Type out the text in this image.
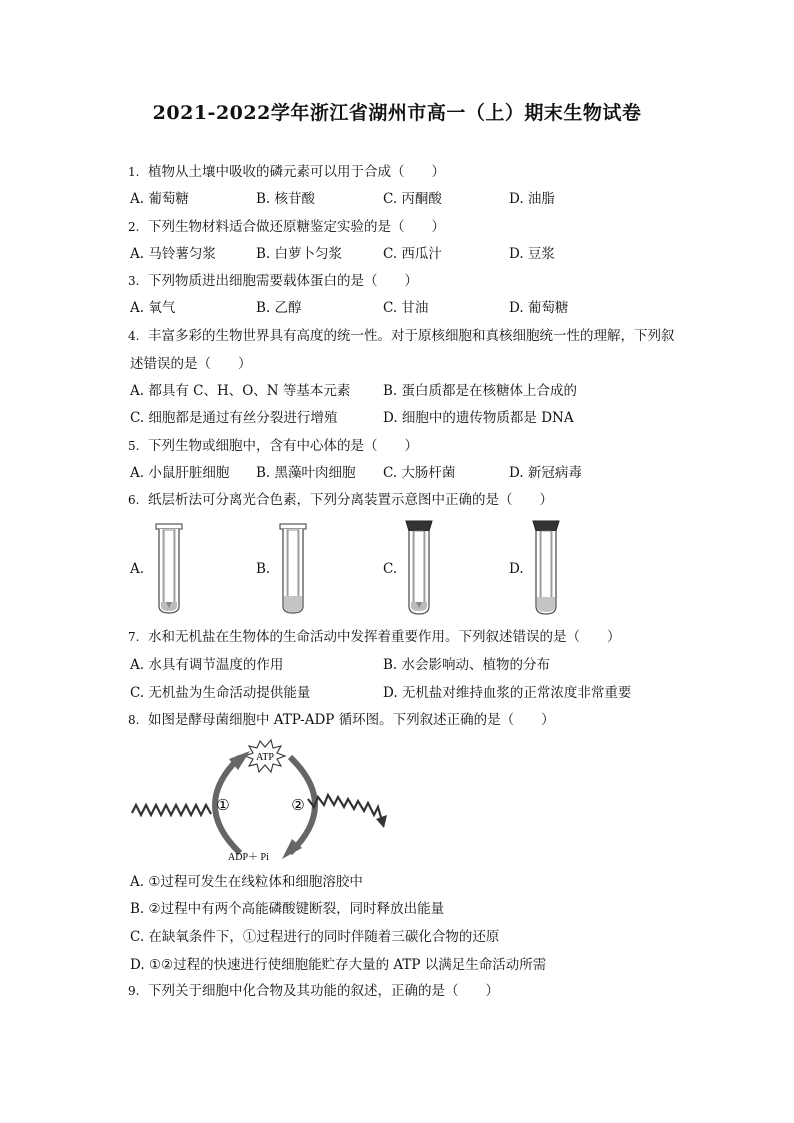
2021-2022学年浙江省湖州市高一（上）期末生物试卷
1. 植物从土壤中吸收的磷元素可以用于合成（　　）
A. 葡萄糖	B. 核苷酸	C. 丙酮酸	D. 油脂
2. 下列生物材料适合做还原糖鉴定实验的是（　　）
A. 马铃薯匀浆	B. 白萝卜匀浆	C. 西瓜汁	D. 豆浆
3. 下列物质进出细胞需要载体蛋白的是（　　）
A. 氧气	B. 乙醇	C. 甘油	D. 葡萄糖
4. 丰富多彩的生物世界具有高度的统一性。对于原核细胞和真核细胞统一性的理解，下列叙
述错误的是（　　）
A. 都具有 C、H、O、N 等基本元素 B. 蛋白质都是在核糖体上合成的
C. 细胞都是通过有丝分裂进行增殖	D. 细胞中的遗传物质都是 DNA
5. 下列生物或细胞中，含有中心体的是（　　）
A. 小鼠肝脏细胞 B. 黑藻叶肉细胞 C. 大肠杆菌	D. 新冠病毒
6. 纸层析法可分离光合色素，下列分离装置示意图中正确的是（　　）
A.	B.	C.	D.
7. 水和无机盐在生物体的生命活动中发挥着重要作用。下列叙述错误的是（　　）
A. 水具有调节温度的作用	B. 水会影响动、植物的分布
C. 无机盐为生命活动提供能量	D. 无机盐对维持血浆的正常浓度非常重要
8. 如图是酵母菌细胞中 ATP-ADP 循环图。下列叙述正确的是（　　）
ATP
①	②
ADP＋ Pi
A. ①过程可发生在线粒体和细胞溶胶中
B. ②过程中有两个高能磷酸键断裂，同时释放出能量
C. 在缺氧条件下，①过程进行的同时伴随着三碳化合物的还原
D. ①②过程的快速进行使细胞能贮存大量的 ATP 以满足生命活动所需
9. 下列关于细胞中化合物及其功能的叙述，正确的是（　　）
